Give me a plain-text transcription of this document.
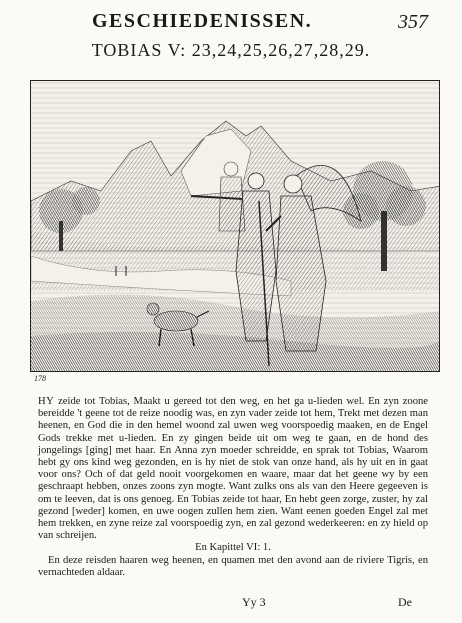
GESCHIEDENISSEN.	357
TOBIAS V: 23,24,25,26,27,28,29.
178

HY zeide tot Tobias, Maakt u gereed tot den weg, en het ga u-lieden wel. En zyn zoone bereidde 't geene tot de reize noodig was, en zyn vader zeide tot hem, Trekt met dezen man heenen, en God die in den hemel woond zal uwen weg voorspoedig maaken, en de Engel Gods trekke met u-lieden. En zy gingen beide uit om weg te gaan, en de hond des jongelings [ging] met haar. En Anna zyn moeder schreidde, en sprak tot Tobias, Waarom hebt gy ons kind weg gezonden, en is hy niet de stok van onze hand, als hy uit en in gaat voor ons? Och of dat geld nooit voorgekomen en waare, maar dat het geene wy by een geschraapt hebben, onzes zoons zyn mogte. Want zulks ons als van den Heere gegeeven is om te leeven, dat is ons genoeg. En Tobias zeide tot haar, En hebt geen zorge, zuster, hy zal gezond [weder] komen, en uwe oogen zullen hem zien. Want eenen goeden Engel zal met hem trekken, en zyne reize zal voorspoedig zyn, en zal gezond wederkeeren: en zy hield op van schreijen.

En Kapittel VI: 1.

En deze reisden haaren weg heenen, en quamen met den avond aan de riviere Tigris, en vernachteden aldaar.

Yy 3	De
